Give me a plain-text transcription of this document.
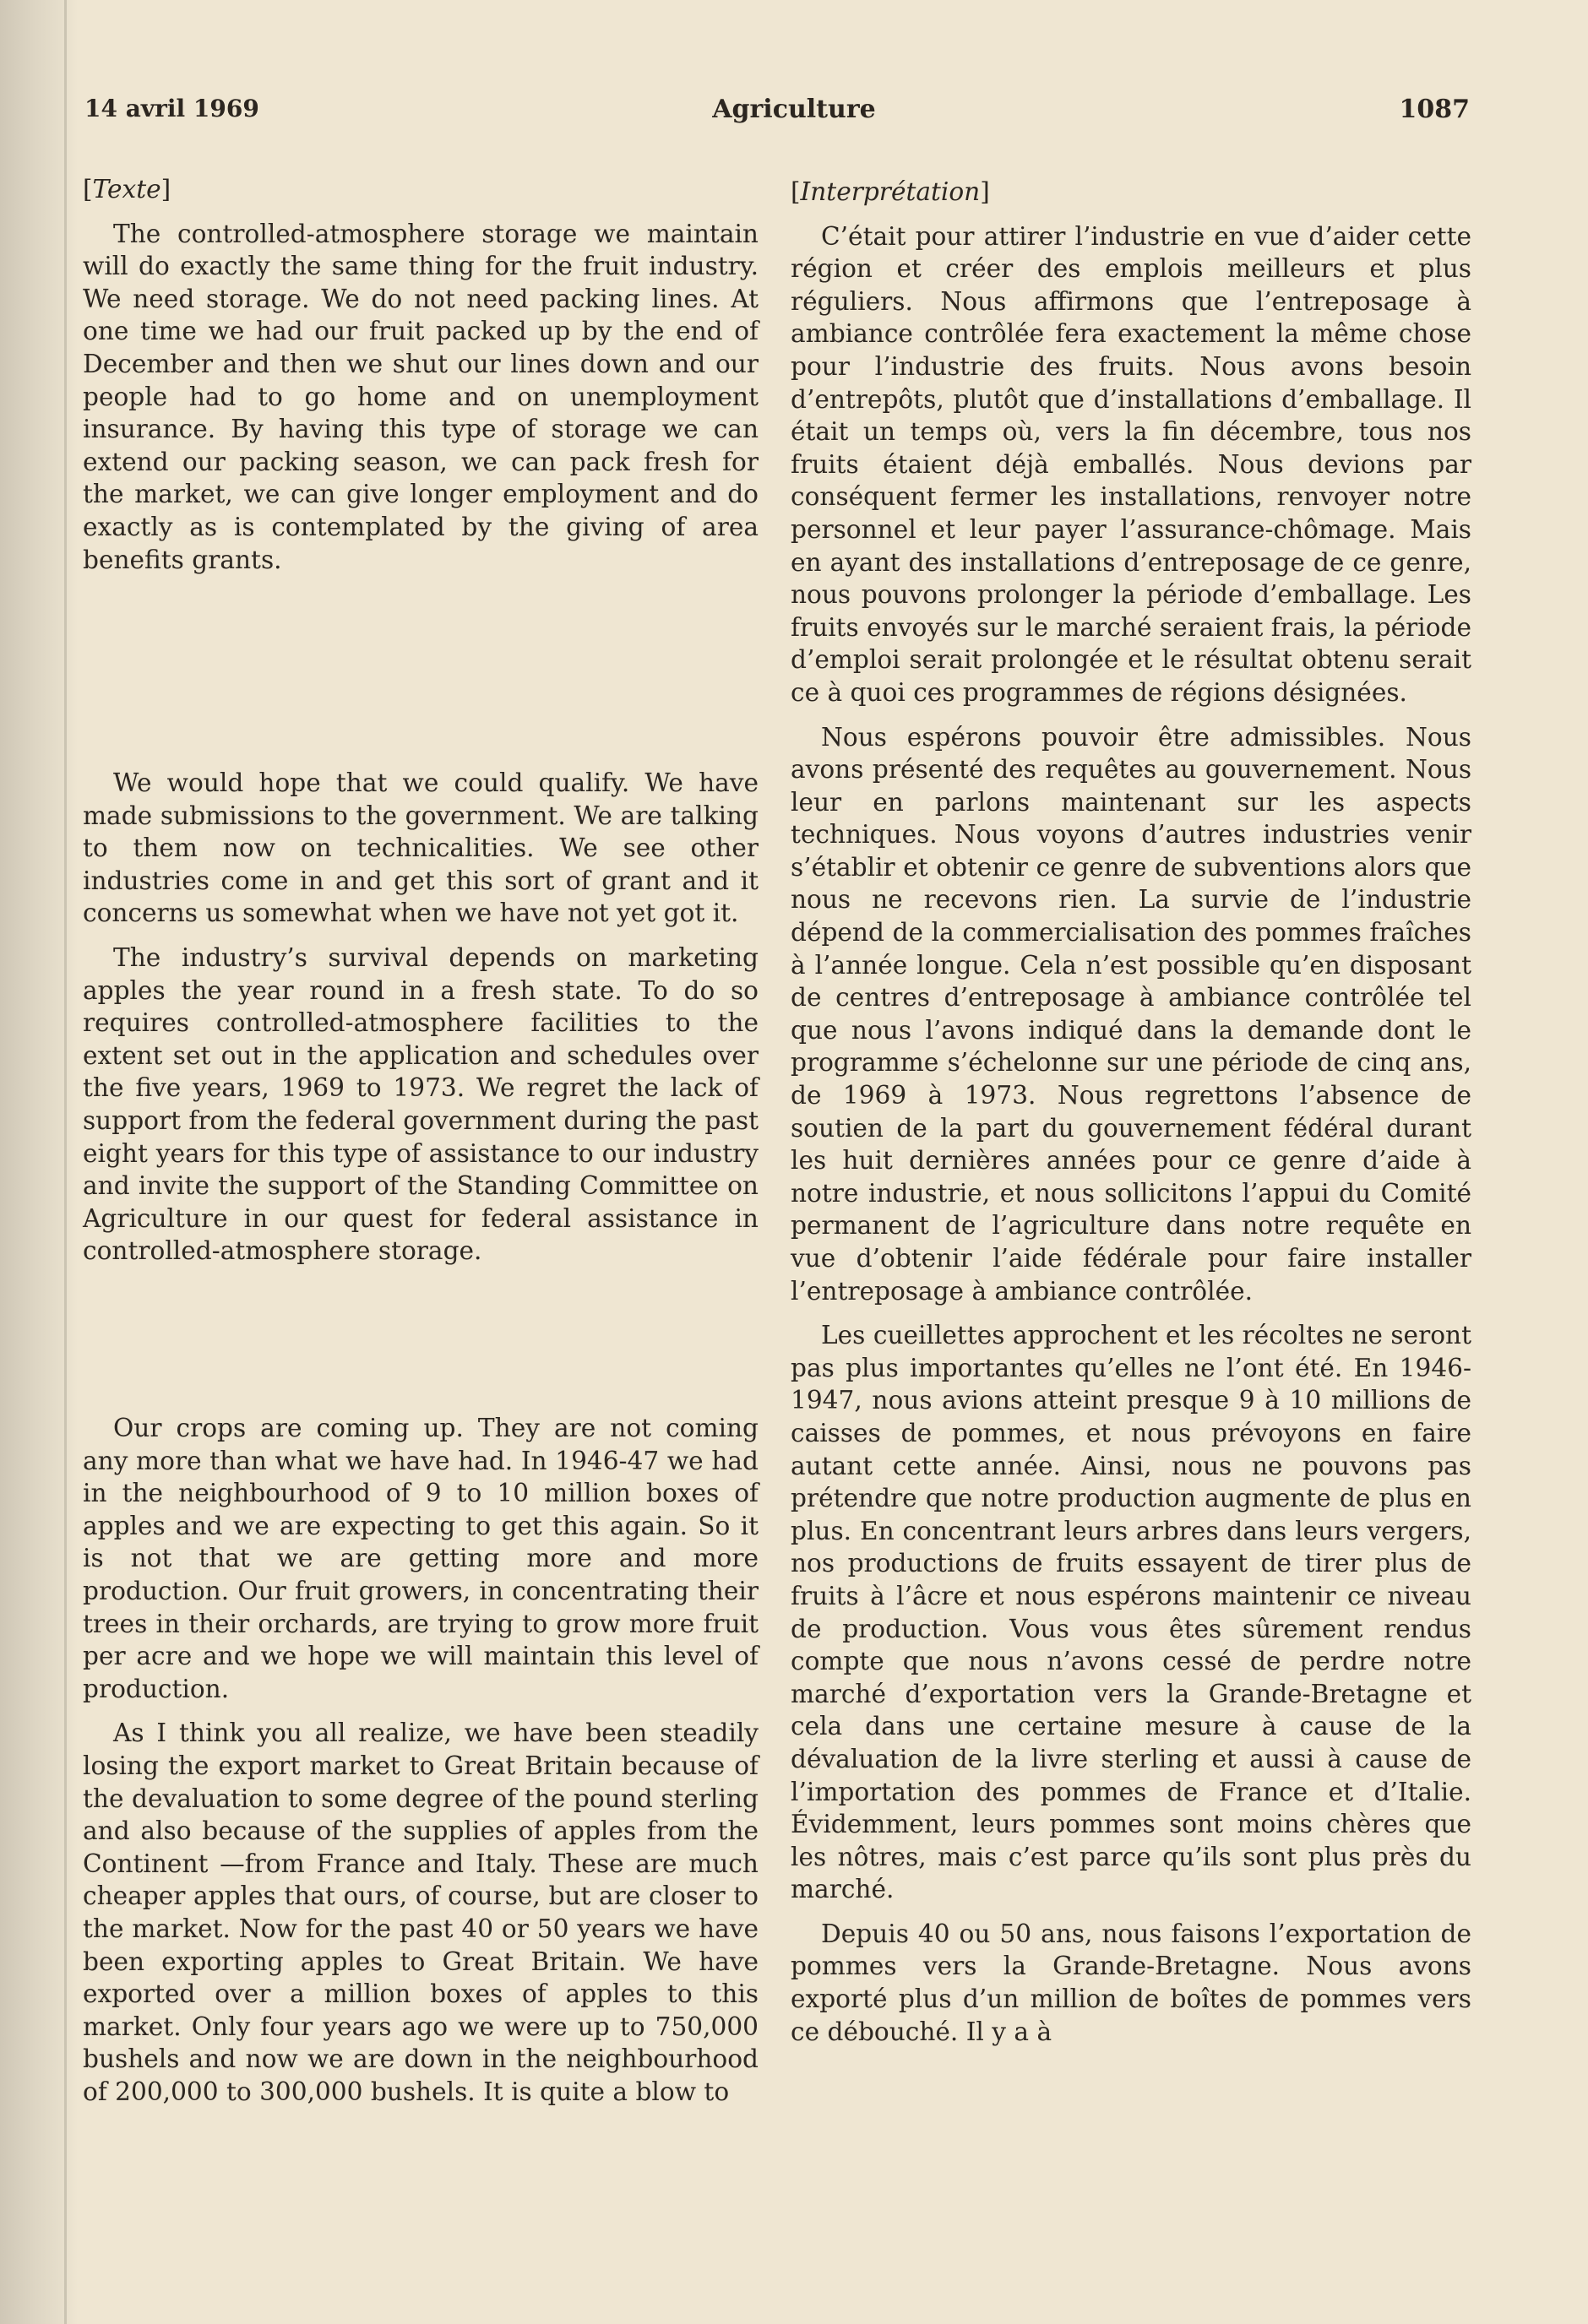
14 avril 1969	Agriculture	1087

[Texte]

The controlled-atmosphere storage we maintain will do exactly the same thing for the fruit industry. We need storage. We do not need packing lines. At one time we had our fruit packed up by the end of December and then we shut our lines down and our people had to go home and on unemployment insurance. By having this type of storage we can extend our packing season, we can pack fresh for the market, we can give longer employment and do exactly as is contemplated by the giving of area benefits grants.

We would hope that we could qualify. We have made submissions to the government. We are talking to them now on technicalities. We see other industries come in and get this sort of grant and it concerns us somewhat when we have not yet got it.

The industry’s survival depends on marketing apples the year round in a fresh state. To do so requires controlled-atmosphere facilities to the extent set out in the application and schedules over the five years, 1969 to 1973. We regret the lack of support from the federal government during the past eight years for this type of assistance to our industry and invite the support of the Standing Committee on Agriculture in our quest for federal assistance in controlled-atmosphere storage.

Our crops are coming up. They are not coming any more than what we have had. In 1946-47 we had in the neighbourhood of 9 to 10 million boxes of apples and we are expecting to get this again. So it is not that we are getting more and more production. Our fruit growers, in concentrating their trees in their orchards, are trying to grow more fruit per acre and we hope we will maintain this level of production.

As I think you all realize, we have been steadily losing the export market to Great Britain because of the devaluation to some degree of the pound sterling and also because of the supplies of apples from the Continent —from France and Italy. These are much cheaper apples that ours, of course, but are closer to the market. Now for the past 40 or 50 years we have been exporting apples to Great Britain. We have exported over a million boxes of apples to this market. Only four years ago we were up to 750,000 bushels and now we are down in the neighbourhood of 200,000 to 300,000 bushels. It is quite a blow to

[Interprétation]

C’était pour attirer l’industrie en vue d’aider cette région et créer des emplois meilleurs et plus réguliers. Nous affirmons que l’entreposage à ambiance contrôlée fera exactement la même chose pour l’industrie des fruits. Nous avons besoin d’entrepôts, plutôt que d’installations d’emballage. Il était un temps où, vers la fin décembre, tous nos fruits étaient déjà emballés. Nous devions par conséquent fermer les installations, renvoyer notre personnel et leur payer l’assurance-chômage. Mais en ayant des installations d’entreposage de ce genre, nous pouvons prolonger la période d’emballage. Les fruits envoyés sur le marché seraient frais, la période d’emploi serait prolongée et le résultat obtenu serait ce à quoi ces programmes de régions désignées.

Nous espérons pouvoir être admissibles. Nous avons présenté des requêtes au gouvernement. Nous leur en parlons maintenant sur les aspects techniques. Nous voyons d’autres industries venir s’établir et obtenir ce genre de subventions alors que nous ne recevons rien. La survie de l’industrie dépend de la commercialisation des pommes fraîches à l’année longue. Cela n’est possible qu’en disposant de centres d’entreposage à ambiance contrôlée tel que nous l’avons indiqué dans la demande dont le programme s’échelonne sur une période de cinq ans, de 1969 à 1973. Nous regrettons l’absence de soutien de la part du gouvernement fédéral durant les huit dernières années pour ce genre d’aide à notre industrie, et nous sollicitons l’appui du Comité permanent de l’agriculture dans notre requête en vue d’obtenir l’aide fédérale pour faire installer l’entreposage à ambiance contrôlée.

Les cueillettes approchent et les récoltes ne seront pas plus importantes qu’elles ne l’ont été. En 1946-1947, nous avions atteint presque 9 à 10 millions de caisses de pommes, et nous prévoyons en faire autant cette année. Ainsi, nous ne pouvons pas prétendre que notre production augmente de plus en plus. En concentrant leurs arbres dans leurs vergers, nos productions de fruits essayent de tirer plus de fruits à l’âcre et nous espérons maintenir ce niveau de production. Vous vous êtes sûrement rendus compte que nous n’avons cessé de perdre notre marché d’exportation vers la Grande-Bretagne et cela dans une certaine mesure à cause de la dévaluation de la livre sterling et aussi à cause de l’importation des pommes de France et d’Italie. Évidemment, leurs pommes sont moins chères que les nôtres, mais c’est parce qu’ils sont plus près du marché.

Depuis 40 ou 50 ans, nous faisons l’exportation de pommes vers la Grande-Bretagne. Nous avons exporté plus d’un million de boîtes de pommes vers ce débouché. Il y a à
